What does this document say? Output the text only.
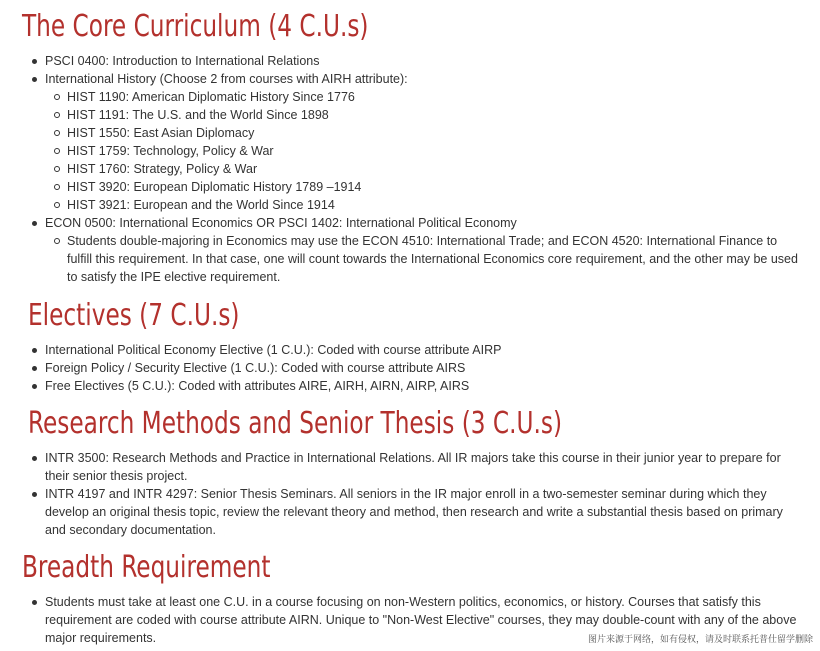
The Core Curriculum (4 C.U.s)
PSCI 0400: Introduction to International Relations
International History (Choose 2 from courses with AIRH attribute):
HIST 1190: American Diplomatic History Since 1776
HIST 1191: The U.S. and the World Since 1898
HIST 1550: East Asian Diplomacy
HIST 1759: Technology, Policy & War
HIST 1760: Strategy, Policy & War
HIST 3920: European Diplomatic History 1789 –1914
HIST 3921: European and the World Since 1914
ECON 0500: International Economics OR PSCI 1402: International Political Economy
Students double-majoring in Economics may use the ECON 4510: International Trade; and ECON 4520: International Finance to fulfill this requirement. In that case, one will count towards the International Economics core requirement, and the other may be used to satisfy the IPE elective requirement.
Electives (7 C.U.s)
International Political Economy Elective (1 C.U.): Coded with course attribute AIRP
Foreign Policy / Security Elective (1 C.U.): Coded with course attribute AIRS
Free Electives (5 C.U.): Coded with attributes AIRE, AIRH, AIRN, AIRP, AIRS
Research Methods and Senior Thesis (3 C.U.s)
INTR 3500: Research Methods and Practice in International Relations. All IR majors take this course in their junior year to prepare for their senior thesis project.
INTR 4197 and INTR 4297: Senior Thesis Seminars. All seniors in the IR major enroll in a two-semester seminar during which they develop an original thesis topic, review the relevant theory and method, then research and write a substantial thesis based on primary and secondary documentation.
Breadth Requirement
Students must take at least one C.U. in a course focusing on non-Western politics, economics, or history. Courses that satisfy this requirement are coded with course attribute AIRN. Unique to "Non-West Elective" courses, they may double-count with any of the above major requirements.	图片来源于网络，如有侵权，请及时联系托普仕留学删除
